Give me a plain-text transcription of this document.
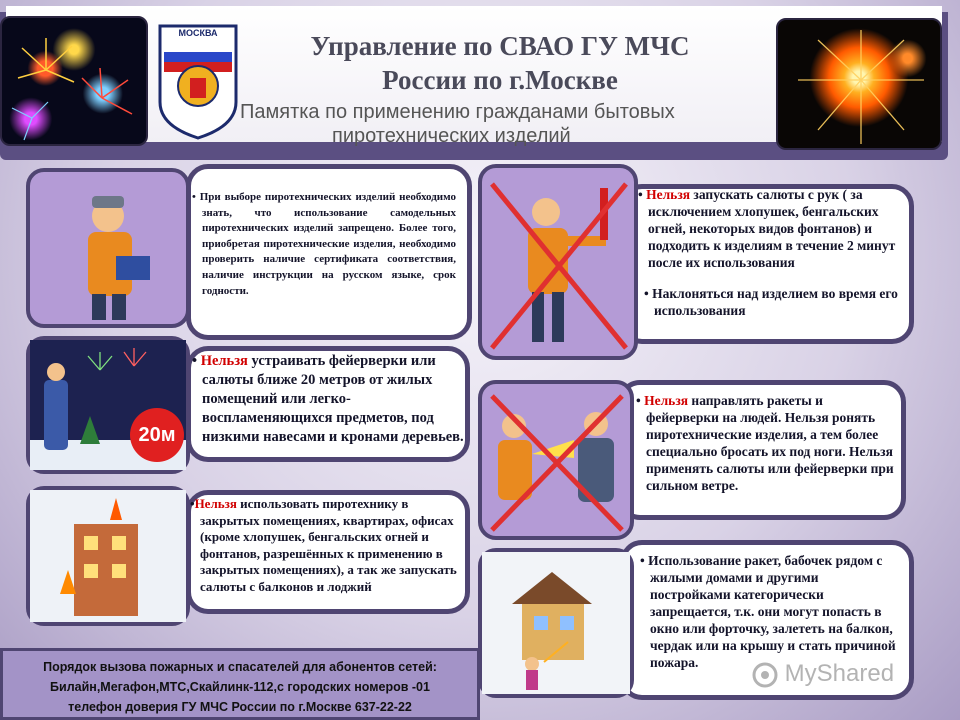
МОСКВА	Управление по СВАО ГУ МЧС
России по г.Москве
Памятка по применению гражданами бытовых
пиротехнических изделий
• При выборе пиротехнических изделий необходимо знать, что использование самодельных пиротехнических изделий запрещено. Более того, приобретая пиротехнические изделия, необходимо проверить наличие сертификата соответствия, наличие инструкции на русском языке, срок годности.
20м
• Нельзя устраивать фейерверки или салюты ближе 20 метров от жилых помещений или легко- воспламеняющихся предметов, под низкими навесами и кронами деревьев.
•Нельзя использовать пиротехнику в закрытых помещениях, квартирах, офисах (кроме хлопушек, бенгальских огней и фонтанов, разрешённых к применению в закрытых помещениях), а так же запускать салюты с балконов и лоджий
• Нельзя запускать салюты с рук ( за исключением хлопушек, бенгальских огней, некоторых видов фонтанов) и подходить к изделиям в течение 2 минут после их использования
• Наклоняться над изделием во время его использования
• Нельзя направлять ракеты и фейерверки на людей. Нельзя ронять пиротехнические изделия, а тем более специально бросать их под ноги. Нельзя применять салюты или фейерверки при сильном ветре.
• Использование ракет, бабочек рядом с жилыми домами и другими постройками категорически запрещается, т.к. они могут попасть в окно или форточку, залететь на балкон, чердак или на крышу и стать причиной пожара.
Порядок вызова пожарных и спасателей для абонентов сетей:
Билайн,Мегафон,МТС,Скайлинк-112,с городских номеров -01
телефон доверия ГУ МЧС России по г.Москве 637-22-22
MyShared
